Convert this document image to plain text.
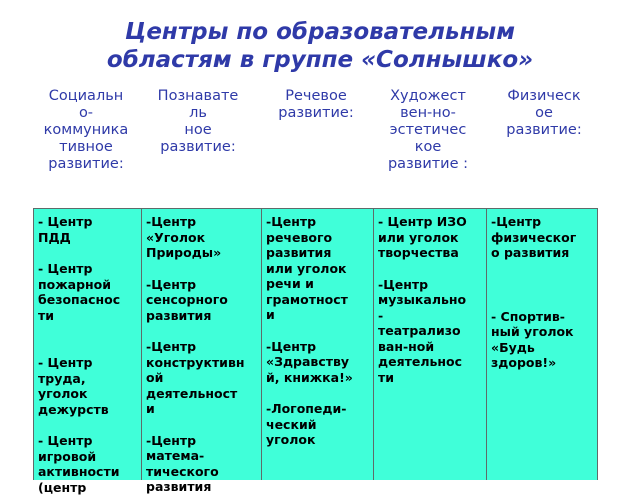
Центры по образовательным
областям в группе «Солнышко»
Социальн
о-
коммуника
тивное
развитие:
Познавате
ль
ное
развитие:
Речевое
развитие:
Художест
вен-но-
эстетичес
кое
развитие :
Физическ
ое
развитие:
- Центр
ПДД
- Центр
пожарной
безопаснос
ти
- Центр
труда,
уголок
дежурств
- Центр
игровой
активности
(центр
-Центр
«Уголок
Природы»
-Центр
сенсорного
развития
-Центр
конструктивн
ой
деятельност
и
-Центр
матема-
тического
развития
-Центр
речевого
развития
или уголок
речи и
грамотност
и
-Центр
«Здравству
й, книжка!»
-Логопеди-
ческий
уголок
- Центр ИЗО
или уголок
творчества
-Центр
музыкально
-
театрализо
ван-ной
деятельнос
ти
-Центр
физическог
о развития
- Спортив-
ный уголок
«Будь
здоров!»
